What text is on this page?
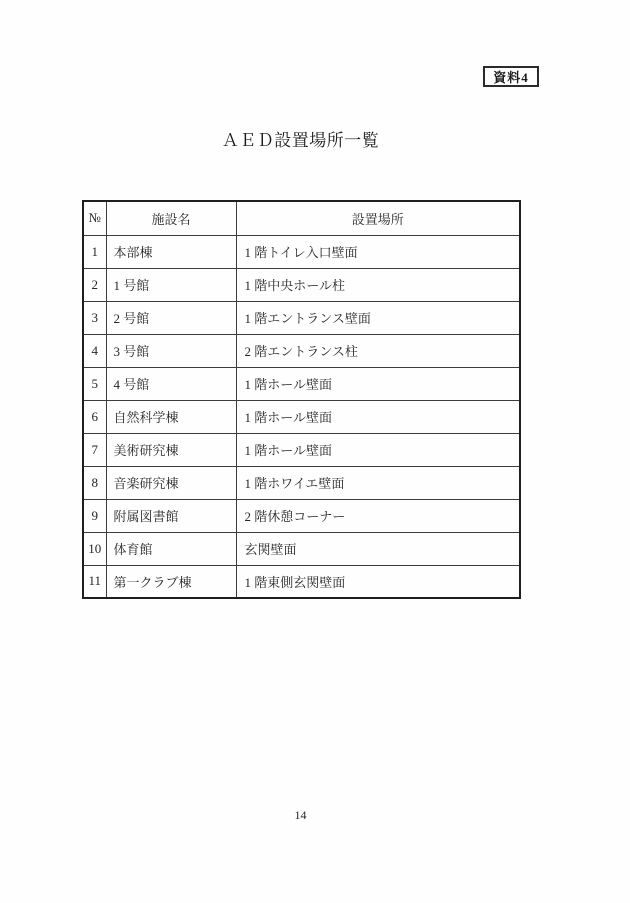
資料4
ＡＥＤ設置場所一覧
№	施設名	設置場所
1	本部棟	1 階トイレ入口壁面
2	1 号館	1 階中央ホール柱
3	2 号館	1 階エントランス壁面
4	3 号館	2 階エントランス柱
5	4 号館	1 階ホール壁面
6	自然科学棟	1 階ホール壁面
7	美術研究棟	1 階ホール壁面
8	音楽研究棟	1 階ホワイエ壁面
9	附属図書館	2 階休憩コーナー
10	体育館	玄関壁面
11	第一クラブ棟	1 階東側玄関壁面
14
